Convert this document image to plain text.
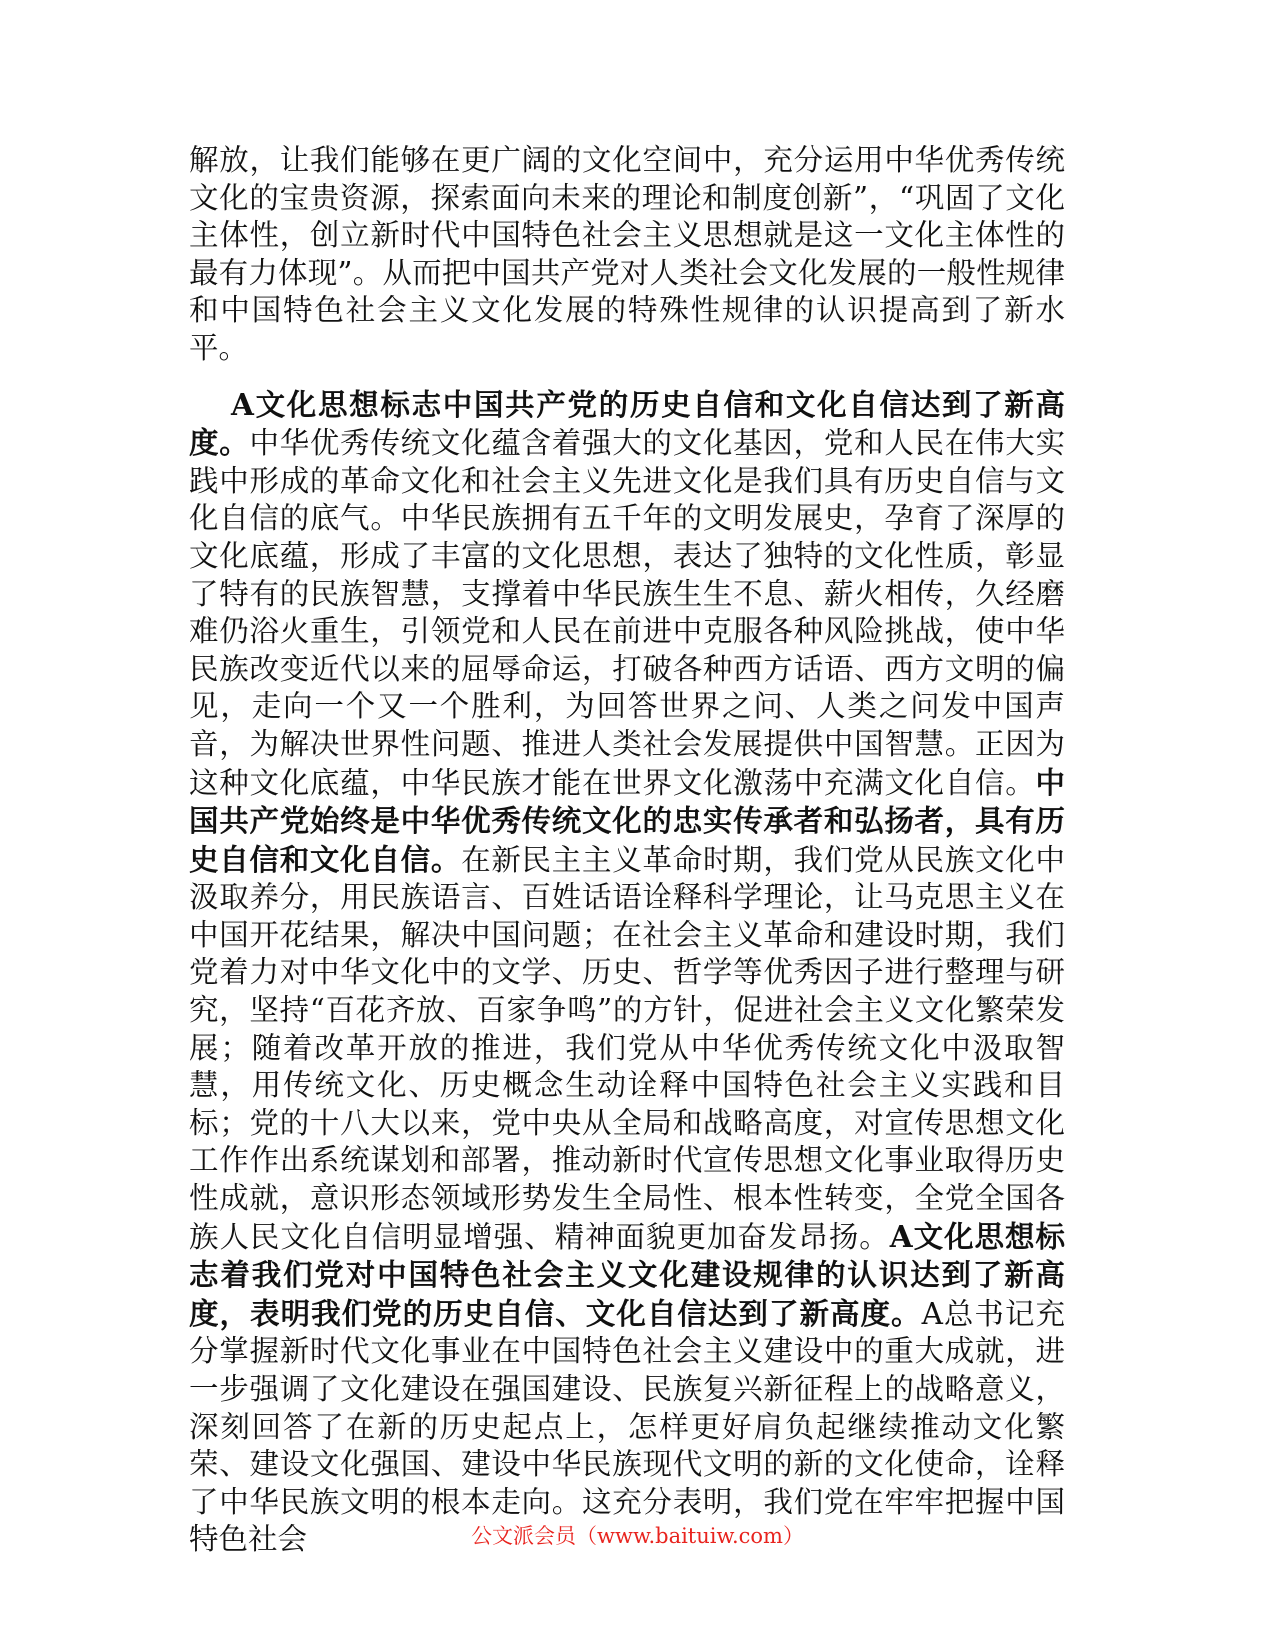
解放，让我们能够在更广阔的文化空间中，充分运用中华优秀传统文化的宝贵资源，探索面向未来的理论和制度创新”，“巩固了文化主体性，创立新时代中国特色社会主义思想就是这一文化主体性的最有力体现”。从而把中国共产党对人类社会文化发展的一般性规律和中国特色社会主义文化发展的特殊性规律的认识提高到了新水平。

A文化思想标志中国共产党的历史自信和文化自信达到了新高度。中华优秀传统文化蕴含着强大的文化基因，党和人民在伟大实践中形成的革命文化和社会主义先进文化是我们具有历史自信与文化自信的底气。中华民族拥有五千年的文明发展史，孕育了深厚的文化底蕴，形成了丰富的文化思想，表达了独特的文化性质，彰显了特有的民族智慧，支撑着中华民族生生不息、薪火相传，久经磨难仍浴火重生，引领党和人民在前进中克服各种风险挑战，使中华民族改变近代以来的屈辱命运，打破各种西方话语、西方文明的偏见，走向一个又一个胜利，为回答世界之问、人类之问发中国声音，为解决世界性问题、推进人类社会发展提供中国智慧。正因为这种文化底蕴，中华民族才能在世界文化激荡中充满文化自信。中国共产党始终是中华优秀传统文化的忠实传承者和弘扬者，具有历史自信和文化自信。在新民主主义革命时期，我们党从民族文化中汲取养分，用民族语言、百姓话语诠释科学理论，让马克思主义在中国开花结果，解决中国问题；在社会主义革命和建设时期，我们党着力对中华文化中的文学、历史、哲学等优秀因子进行整理与研究，坚持“百花齐放、百家争鸣”的方针，促进社会主义文化繁荣发展；随着改革开放的推进，我们党从中华优秀传统文化中汲取智慧，用传统文化、历史概念生动诠释中国特色社会主义实践和目标；党的十八大以来，党中央从全局和战略高度，对宣传思想文化工作作出系统谋划和部署，推动新时代宣传思想文化事业取得历史性成就，意识形态领域形势发生全局性、根本性转变，全党全国各族人民文化自信明显增强、精神面貌更加奋发昂扬。A文化思想标志着我们党对中国特色社会主义文化建设规律的认识达到了新高度，表明我们党的历史自信、文化自信达到了新高度。A总书记充分掌握新时代文化事业在中国特色社会主义建设中的重大成就，进一步强调了文化建设在强国建设、民族复兴新征程上的战略意义，深刻回答了在新的历史起点上，怎样更好肩负起继续推动文化繁荣、建设文化强国、建设中华民族现代文明的新的文化使命，诠释了中华民族文明的根本走向。这充分表明，我们党在牢牢把握中国特色社会	公文派会员（www.baituiw.com）
